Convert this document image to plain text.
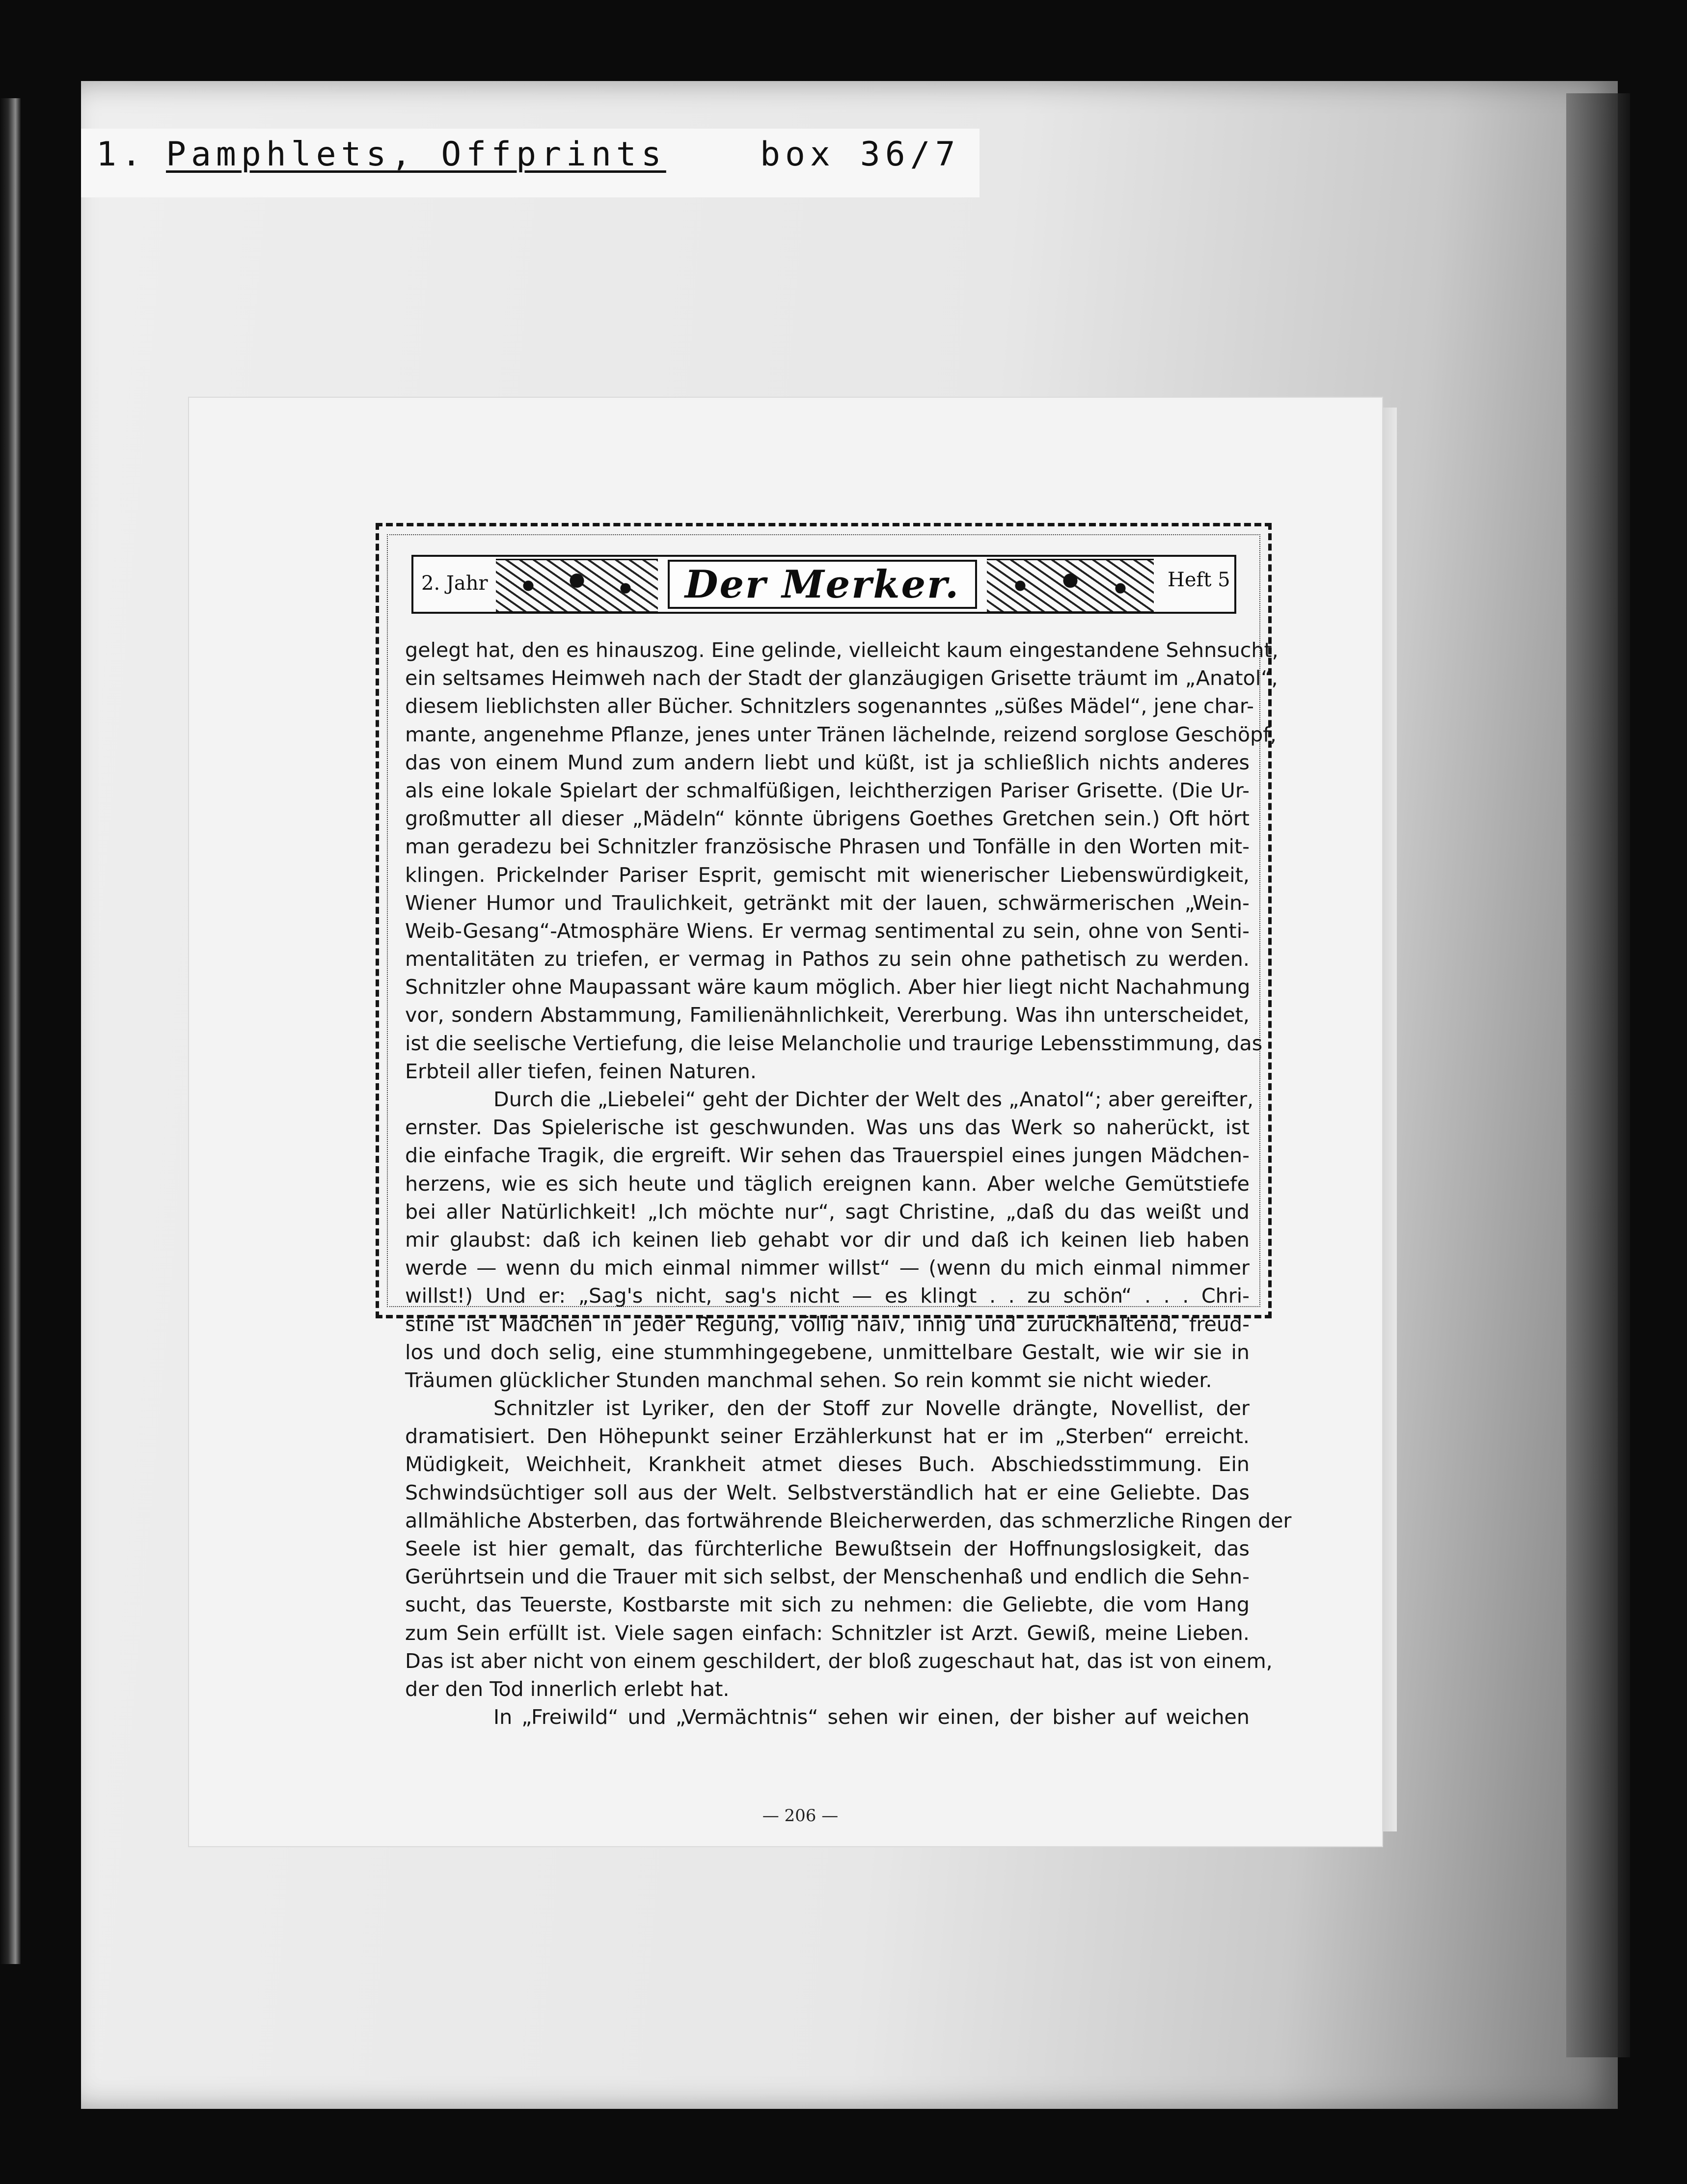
1. Pamphlets, Offprints	box 36/7
2. Jahr	Der Merker.	Heft 5
gelegt hat, den es hinauszog. Eine gelinde, vielleicht kaum eingestandene Sehnsucht,
ein seltsames Heimweh nach der Stadt der glanzäugigen Grisette träumt im „Anatol“,
diesem lieblichsten aller Bücher. Schnitzlers sogenanntes „süßes Mädel“, jene char-
mante, angenehme Pflanze, jenes unter Tränen lächelnde, reizend sorglose Geschöpf,
das von einem Mund zum andern liebt und küßt, ist ja schließlich nichts anderes
als eine lokale Spielart der schmalfüßigen, leichtherzigen Pariser Grisette. (Die Ur-
großmutter all dieser „Mädeln“ könnte übrigens Goethes Gretchen sein.) Oft hört
man geradezu bei Schnitzler französische Phrasen und Tonfälle in den Worten mit-
klingen. Prickelnder Pariser Esprit, gemischt mit wienerischer Liebenswürdigkeit,
Wiener Humor und Traulichkeit, getränkt mit der lauen, schwärmerischen „Wein-
Weib-Gesang“-Atmosphäre Wiens. Er vermag sentimental zu sein, ohne von Senti-
mentalitäten zu triefen, er vermag in Pathos zu sein ohne pathetisch zu werden.
Schnitzler ohne Maupassant wäre kaum möglich. Aber hier liegt nicht Nachahmung
vor, sondern Abstammung, Familienähnlichkeit, Vererbung. Was ihn unterscheidet,
ist die seelische Vertiefung, die leise Melancholie und traurige Lebensstimmung, das
Erbteil aller tiefen, feinen Naturen.
Durch die „Liebelei“ geht der Dichter der Welt des „Anatol“; aber gereifter,
ernster. Das Spielerische ist geschwunden. Was uns das Werk so naherückt, ist
die einfache Tragik, die ergreift. Wir sehen das Trauerspiel eines jungen Mädchen-
herzens, wie es sich heute und täglich ereignen kann. Aber welche Gemütstiefe
bei aller Natürlichkeit! „Ich möchte nur“, sagt Christine, „daß du das weißt und
mir glaubst: daß ich keinen lieb gehabt vor dir und daß ich keinen lieb haben
werde — wenn du mich einmal nimmer willst“ — (wenn du mich einmal nimmer
willst!) Und er: „Sag's nicht, sag's nicht — es klingt . . zu schön“ . . . Chri-
stine ist Mädchen in jeder Regung, völlig naiv, innig und zurückhaltend, freud-
los und doch selig, eine stummhingegebene, unmittelbare Gestalt, wie wir sie in
Träumen glücklicher Stunden manchmal sehen. So rein kommt sie nicht wieder.
Schnitzler ist Lyriker, den der Stoff zur Novelle drängte, Novellist, der
dramatisiert. Den Höhepunkt seiner Erzählerkunst hat er im „Sterben“ erreicht.
Müdigkeit, Weichheit, Krankheit atmet dieses Buch. Abschiedsstimmung. Ein
Schwindsüchtiger soll aus der Welt. Selbstverständlich hat er eine Geliebte. Das
allmähliche Absterben, das fortwährende Bleicherwerden, das schmerzliche Ringen der
Seele ist hier gemalt, das fürchterliche Bewußtsein der Hoffnungslosigkeit, das
Gerührtsein und die Trauer mit sich selbst, der Menschenhaß und endlich die Sehn-
sucht, das Teuerste, Kostbarste mit sich zu nehmen: die Geliebte, die vom Hang
zum Sein erfüllt ist. Viele sagen einfach: Schnitzler ist Arzt. Gewiß, meine Lieben.
Das ist aber nicht von einem geschildert, der bloß zugeschaut hat, das ist von einem,
der den Tod innerlich erlebt hat.
In „Freiwild“ und „Vermächtnis“ sehen wir einen, der bisher auf weichen
— 206 —
